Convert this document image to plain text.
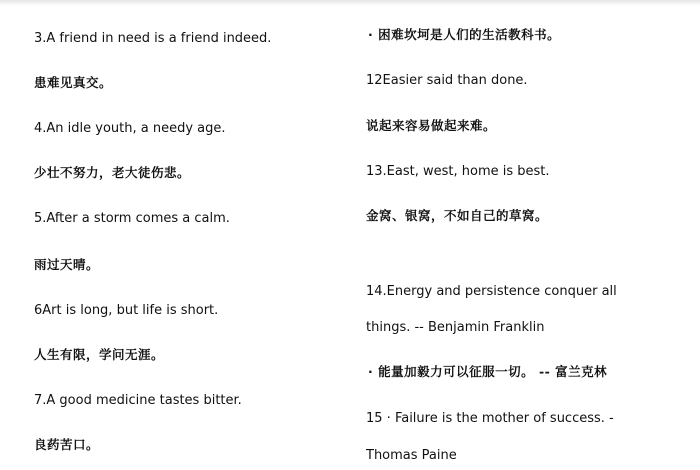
3.A friend in need is a friend indeed.
患难见真交。
4.An idle youth, a needy age.
少壮不努力，老大徒伤悲。
5.After a storm comes a calm.
雨过天晴。
6Art is long, but life is short.
人生有限，学问无涯。
7.A good medicine tastes bitter.
良药苦口。
· 困难坎坷是人们的生活教科书。
12Easier said than done.
说起来容易做起来难。
13.East, west, home is best.
金窝、银窝，不如自己的草窝。
14.Energy and persistence conquer all
things. -- Benjamin Franklin
· 能量加毅力可以征服一切。 -- 富兰克林
15 · Failure is the mother of success. -
Thomas Paine
